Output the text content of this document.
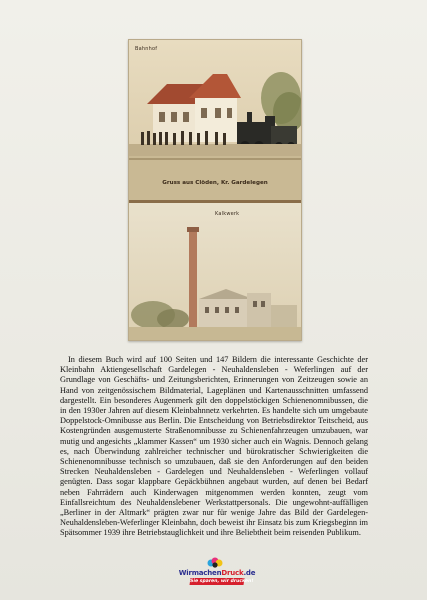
Bahnhof
Gruss aus Clöden, Kr. Gardelegen
Kalkwerk

In diesem Buch wird auf 100 Seiten und 147 Bildern die interessante Geschichte der Kleinbahn Aktiengesellschaft Gardelegen - Neuhaldensleben - Weferlingen auf der Grundlage von Geschäfts- und Zeitungsberichten, Erinnerungen von Zeitzeugen sowie an Hand von zeitgenössischem Bildmaterial, Lageplänen und Kartenausschnitten umfassend dargestellt. Ein besonderes Augenmerk gilt den doppelstöckigen Schienenomnibussen, die in den 1930er Jahren auf diesem Kleinbahnnetz verkehrten. Es handelte sich um umgebaute Doppelstock-Omnibusse aus Berlin. Die Entscheidung von Betriebsdirektor Teitscheid, aus Kostengründen ausgemusterte Straßenomnibusse zu Schienenfahrzeugen umzubauen, war mutig und angesichts „klammer Kassen“ um 1930 sicher auch ein Wagnis. Dennoch gelang es, nach Überwindung zahlreicher technischer und bürokratischer Schwierigkeiten die Schienenomnibusse technisch so umzubauen, daß sie den Anforderungen auf den beiden Strecken Neuhaldensleben - Gardelegen und Neuhaldensleben - Weferlingen vollauf genügten. Dass sogar klappbare Gepäckbühnen angebaut wurden, auf denen bei Bedarf neben Fahrrädern auch Kinderwagen mitgenommen werden konnten, zeugt vom Einfallsreichtum des Neuhaldenslebener Werkstattpersonals. Die ungewohnt-auffälligen „Berliner in der Altmark“ prägten zwar nur für wenige Jahre das Bild der Gardelegen-Neuhaldensleben-Weferlinger Kleinbahn, doch beweist ihr Einsatz bis zum Kriegsbeginn im Spätsommer 1939 ihre Betriebstauglichkeit und ihre Beliebtheit beim reisenden Publikum.

WirmachenDruck.de
Sie sparen, wir drucken!
